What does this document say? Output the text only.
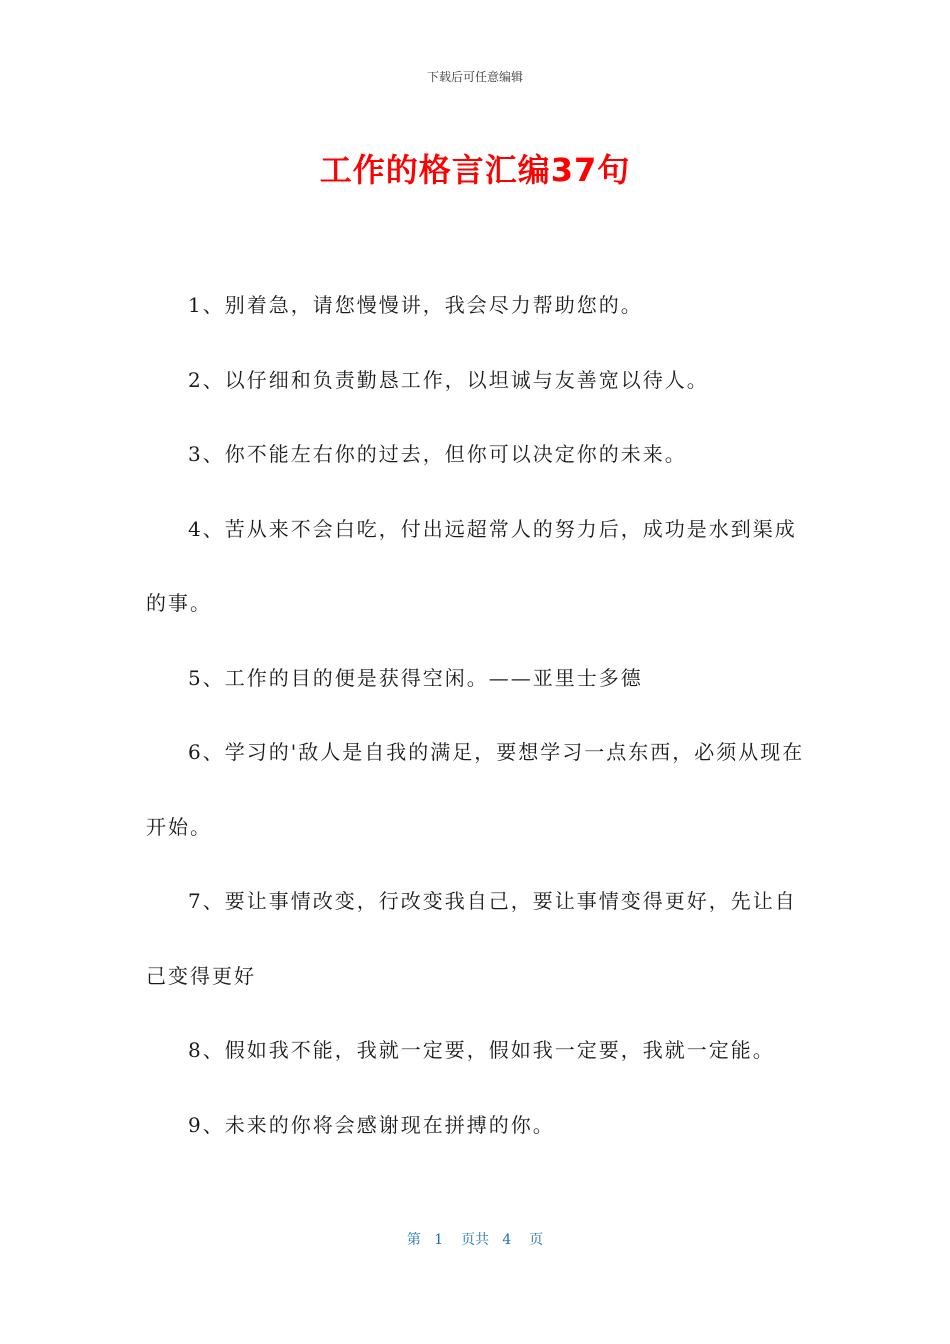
下载后可任意编辑
工作的格言汇编37句

1、别着急，请您慢慢讲，我会尽力帮助您的。

2、以仔细和负责勤恳工作，以坦诚与友善宽以待人。

3、你不能左右你的过去，但你可以决定你的未来。

4、苦从来不会白吃，付出远超常人的努力后，成功是水到渠成的事。

5、工作的目的便是获得空闲。——亚里士多德

6、学习的'敌人是自我的满足，要想学习一点东西，必须从现在开始。

7、要让事情改变，行改变我自己，要让事情变得更好，先让自己变得更好

8、假如我不能，我就一定要，假如我一定要，我就一定能。

9、未来的你将会感谢现在拼搏的你。

第 1 页共 4 页
